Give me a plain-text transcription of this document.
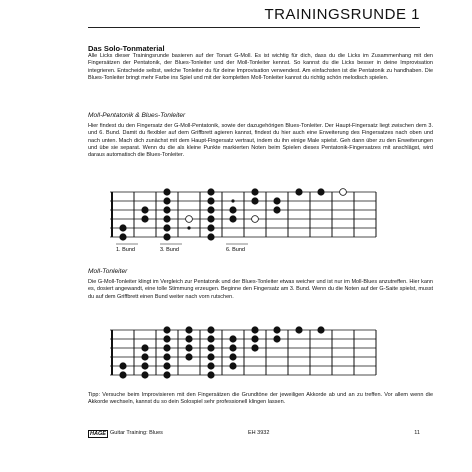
TRAININGSRUNDE 1
Das Solo-Tonmaterial
Alle Licks dieser Trainingsrunde basieren auf der Tonart G-Moll. Es ist wichtig für dich, dass du die Licks im Zusammenhang mit den Fingersätzen der Pentatonik, der Blues-Tonleiter und der Moll-Tonleiter kennst. So kannst du die Licks besser in deine Improvisation integrieren. Entscheide selbst, welche Tonleiter du für deine Improvisation verwendest. Am einfachsten ist die Pentatonik zu handhaben. Die Blues-Tonleiter bringt mehr Farbe ins Spiel und mit der kompletten Moll-Tonleiter kannst du richtig schön melodisch spielen.
Moll-Pentatonik & Blues-Tonleiter
Hier findest du den Fingersatz der G-Moll-Pentatonik, sowie der dazugehörigen Blues-Tonleiter. Der Haupt-Fingersatz liegt zwischen dem 3. und 6. Bund. Damit du flexibler auf dem Griffbrett agieren kannst, findest du hier auch eine Erweiterung des Fingersatzes nach oben und nach unten. Mach dich zunächst mit dem Haupt-Fingersatz vertraut, indem du ihn einige Male spielst. Geh dann über zu den Erweiterungen und übe sie separat. Wenn du die als kleine Punkte markierten Noten beim Spielen dieses Pentatonik-Fingersatzes mit anschlägst, wird daraus automatisch die Blues-Tonleiter.
1. Bund	3. Bund	6. Bund
Moll-Tonleiter
Die G-Moll-Tonleiter klingt im Vergleich zur Pentatonik und der Blues-Tonleiter etwas weicher und ist nur im Moll-Blues anzutreffen. Hier kann es, dosiert angewandt, eine tolle Stimmung erzeugen. Beginne den Fingersatz am 3. Bund. Wenn du die Noten auf der G-Saite spielst, musst du auf dem Griffbrett einen Bund weiter nach vorn rutschen.
Tipp: Versuche beim Improvisieren mit den Fingersätzen die Grundtöne der jeweiligen Akkorde ab und an zu treffen. Vor allem wenn die Akkorde wechseln, kannst du so dein Solospiel sehr professionell klingen lassen.
HAGE Guitar Training: Blues	EH 3932	11
